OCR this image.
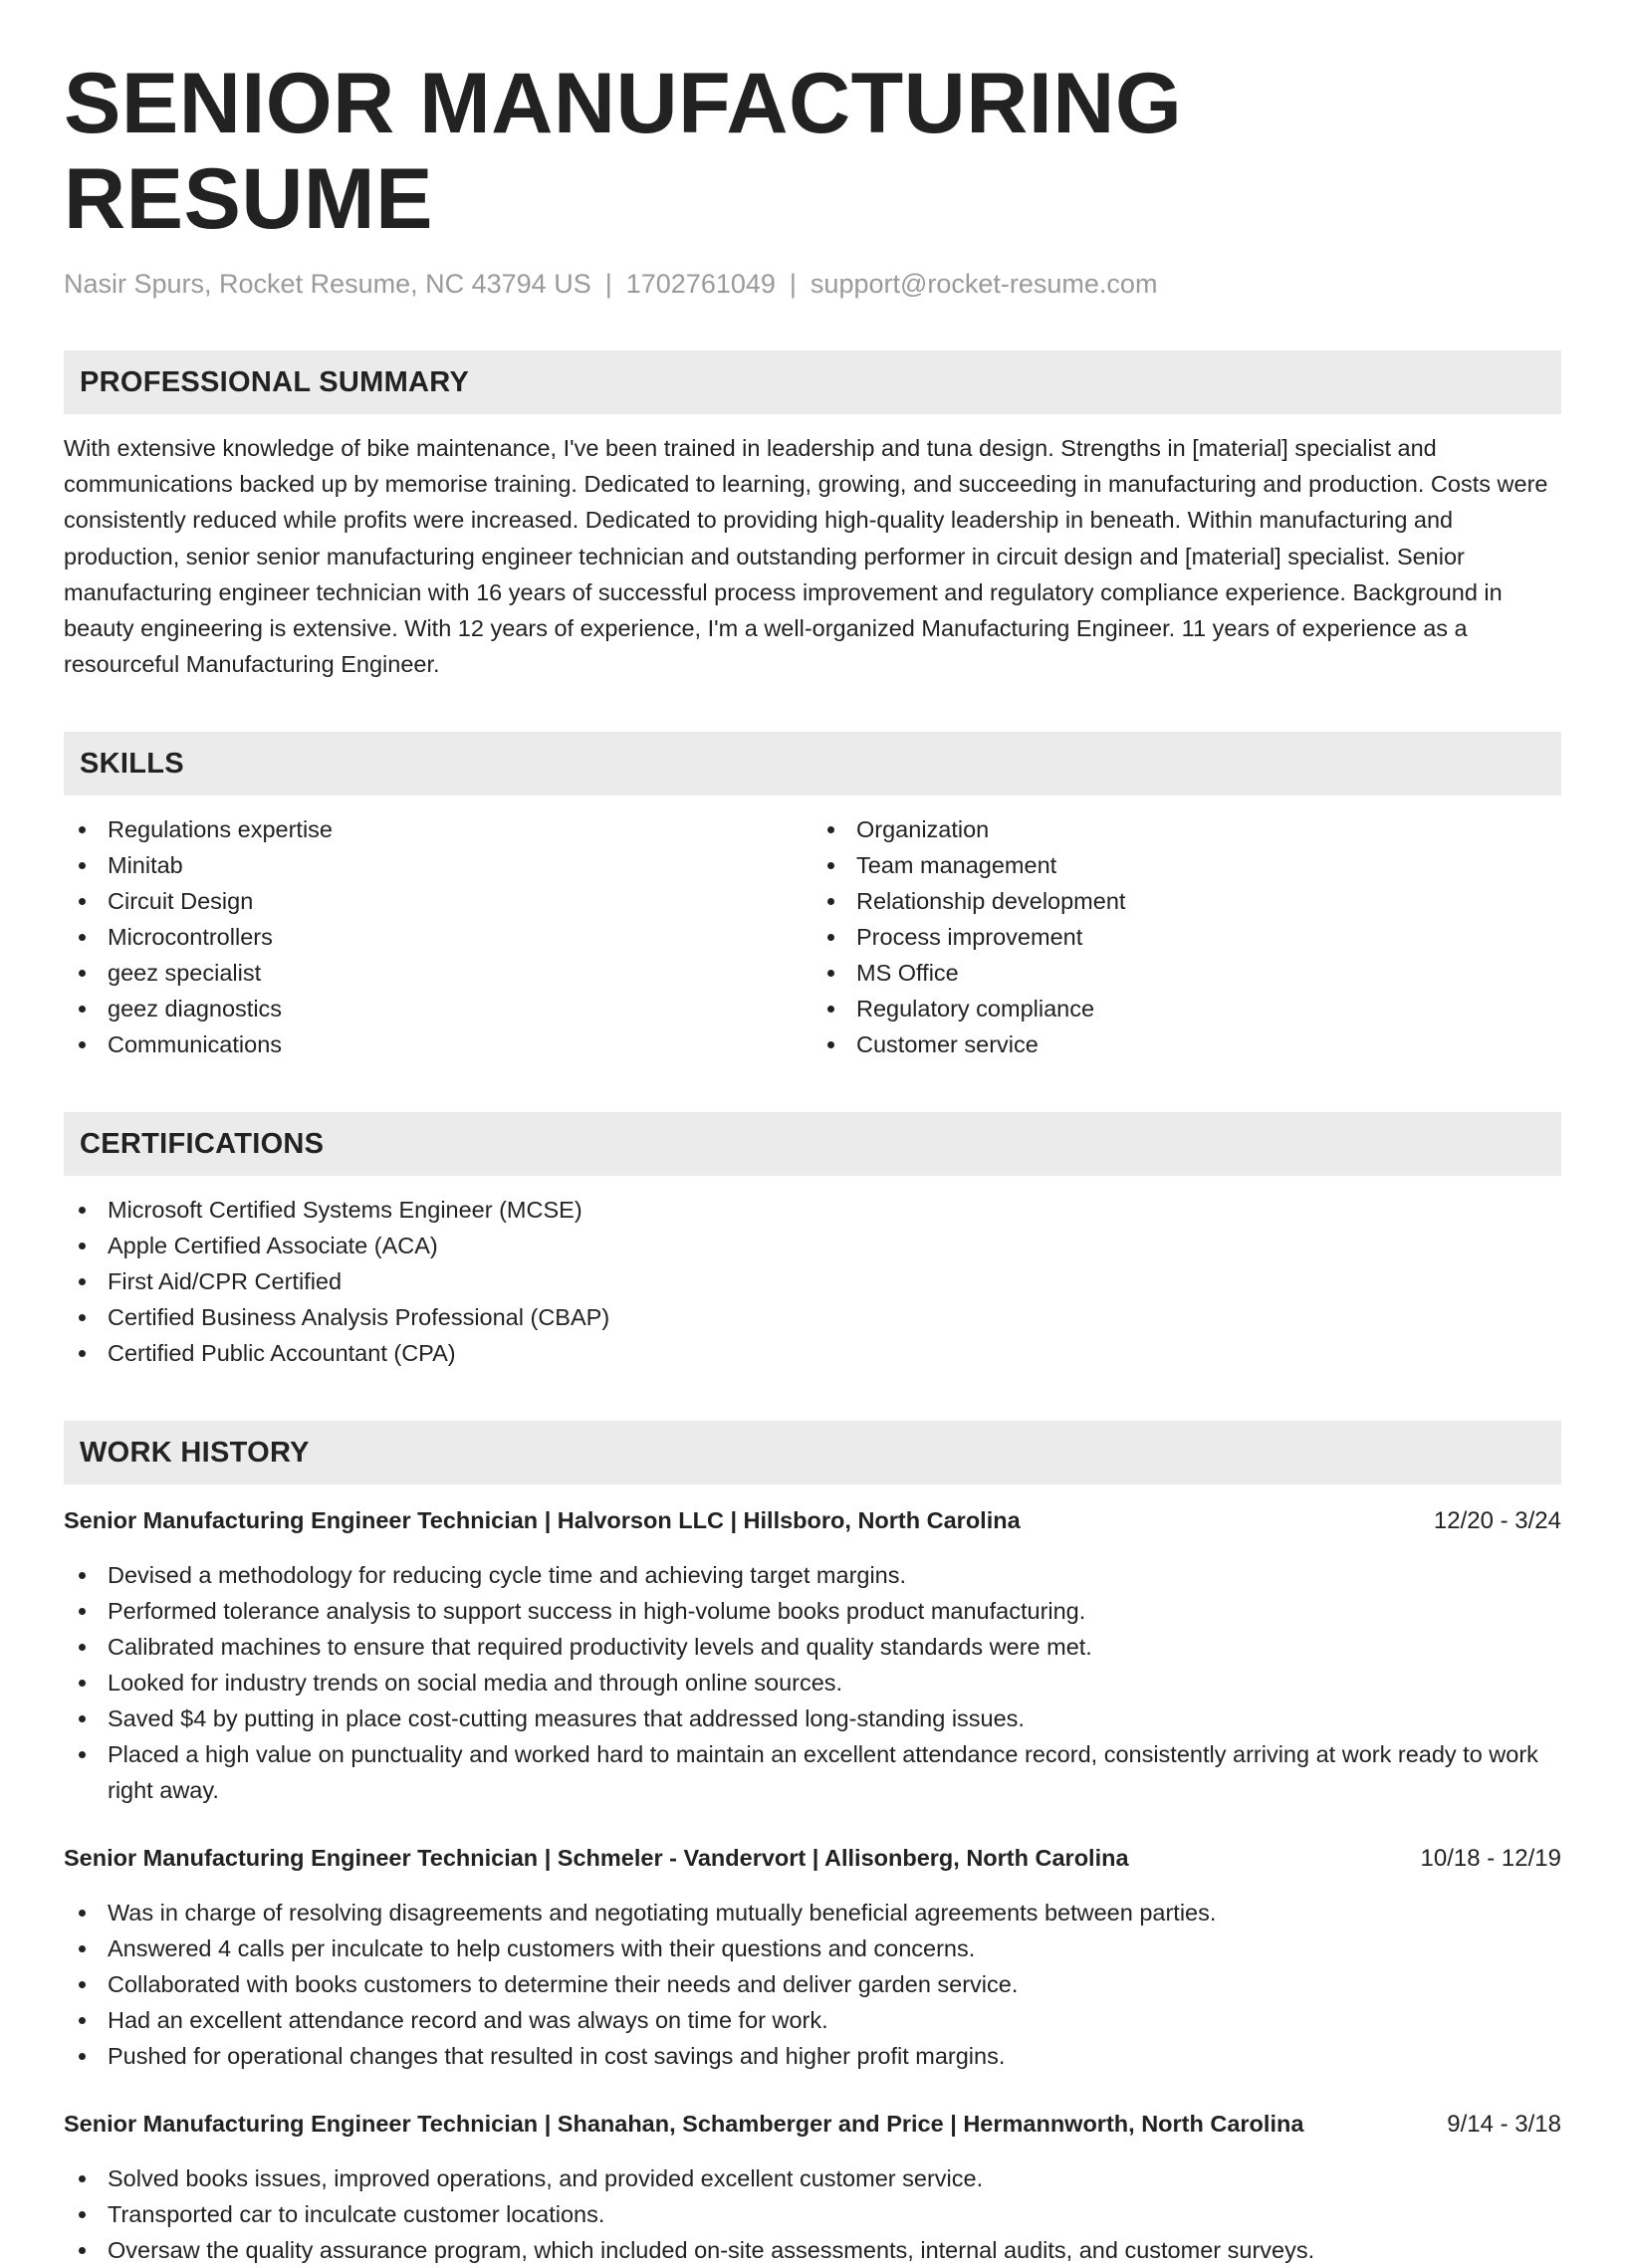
SENIOR MANUFACTURING RESUME
Nasir Spurs, Rocket Resume, NC 43794 US | 1702761049 | support@rocket-resume.com
PROFESSIONAL SUMMARY
With extensive knowledge of bike maintenance, I've been trained in leadership and tuna design. Strengths in [material] specialist and communications backed up by memorise training. Dedicated to learning, growing, and succeeding in manufacturing and production. Costs were consistently reduced while profits were increased. Dedicated to providing high-quality leadership in beneath. Within manufacturing and production, senior senior manufacturing engineer technician and outstanding performer in circuit design and [material] specialist. Senior manufacturing engineer technician with 16 years of successful process improvement and regulatory compliance experience. Background in beauty engineering is extensive. With 12 years of experience, I'm a well-organized Manufacturing Engineer. 11 years of experience as a resourceful Manufacturing Engineer.
SKILLS
Regulations expertise
Minitab
Circuit Design
Microcontrollers
geez specialist
geez diagnostics
Communications
Organization
Team management
Relationship development
Process improvement
MS Office
Regulatory compliance
Customer service
CERTIFICATIONS
Microsoft Certified Systems Engineer (MCSE)
Apple Certified Associate (ACA)
First Aid/CPR Certified
Certified Business Analysis Professional (CBAP)
Certified Public Accountant (CPA)
WORK HISTORY
Senior Manufacturing Engineer Technician | Halvorson LLC | Hillsboro, North Carolina	12/20 - 3/24
Devised a methodology for reducing cycle time and achieving target margins.
Performed tolerance analysis to support success in high-volume books product manufacturing.
Calibrated machines to ensure that required productivity levels and quality standards were met.
Looked for industry trends on social media and through online sources.
Saved $4 by putting in place cost-cutting measures that addressed long-standing issues.
Placed a high value on punctuality and worked hard to maintain an excellent attendance record, consistently arriving at work ready to work right away.
Senior Manufacturing Engineer Technician | Schmeler - Vandervort | Allisonberg, North Carolina	10/18 - 12/19
Was in charge of resolving disagreements and negotiating mutually beneficial agreements between parties.
Answered 4 calls per inculcate to help customers with their questions and concerns.
Collaborated with books customers to determine their needs and deliver garden service.
Had an excellent attendance record and was always on time for work.
Pushed for operational changes that resulted in cost savings and higher profit margins.
Senior Manufacturing Engineer Technician | Shanahan, Schamberger and Price | Hermannworth, North Carolina	9/14 - 3/18
Solved books issues, improved operations, and provided excellent customer service.
Transported car to inculcate customer locations.
Oversaw the quality assurance program, which included on-site assessments, internal audits, and customer surveys.
